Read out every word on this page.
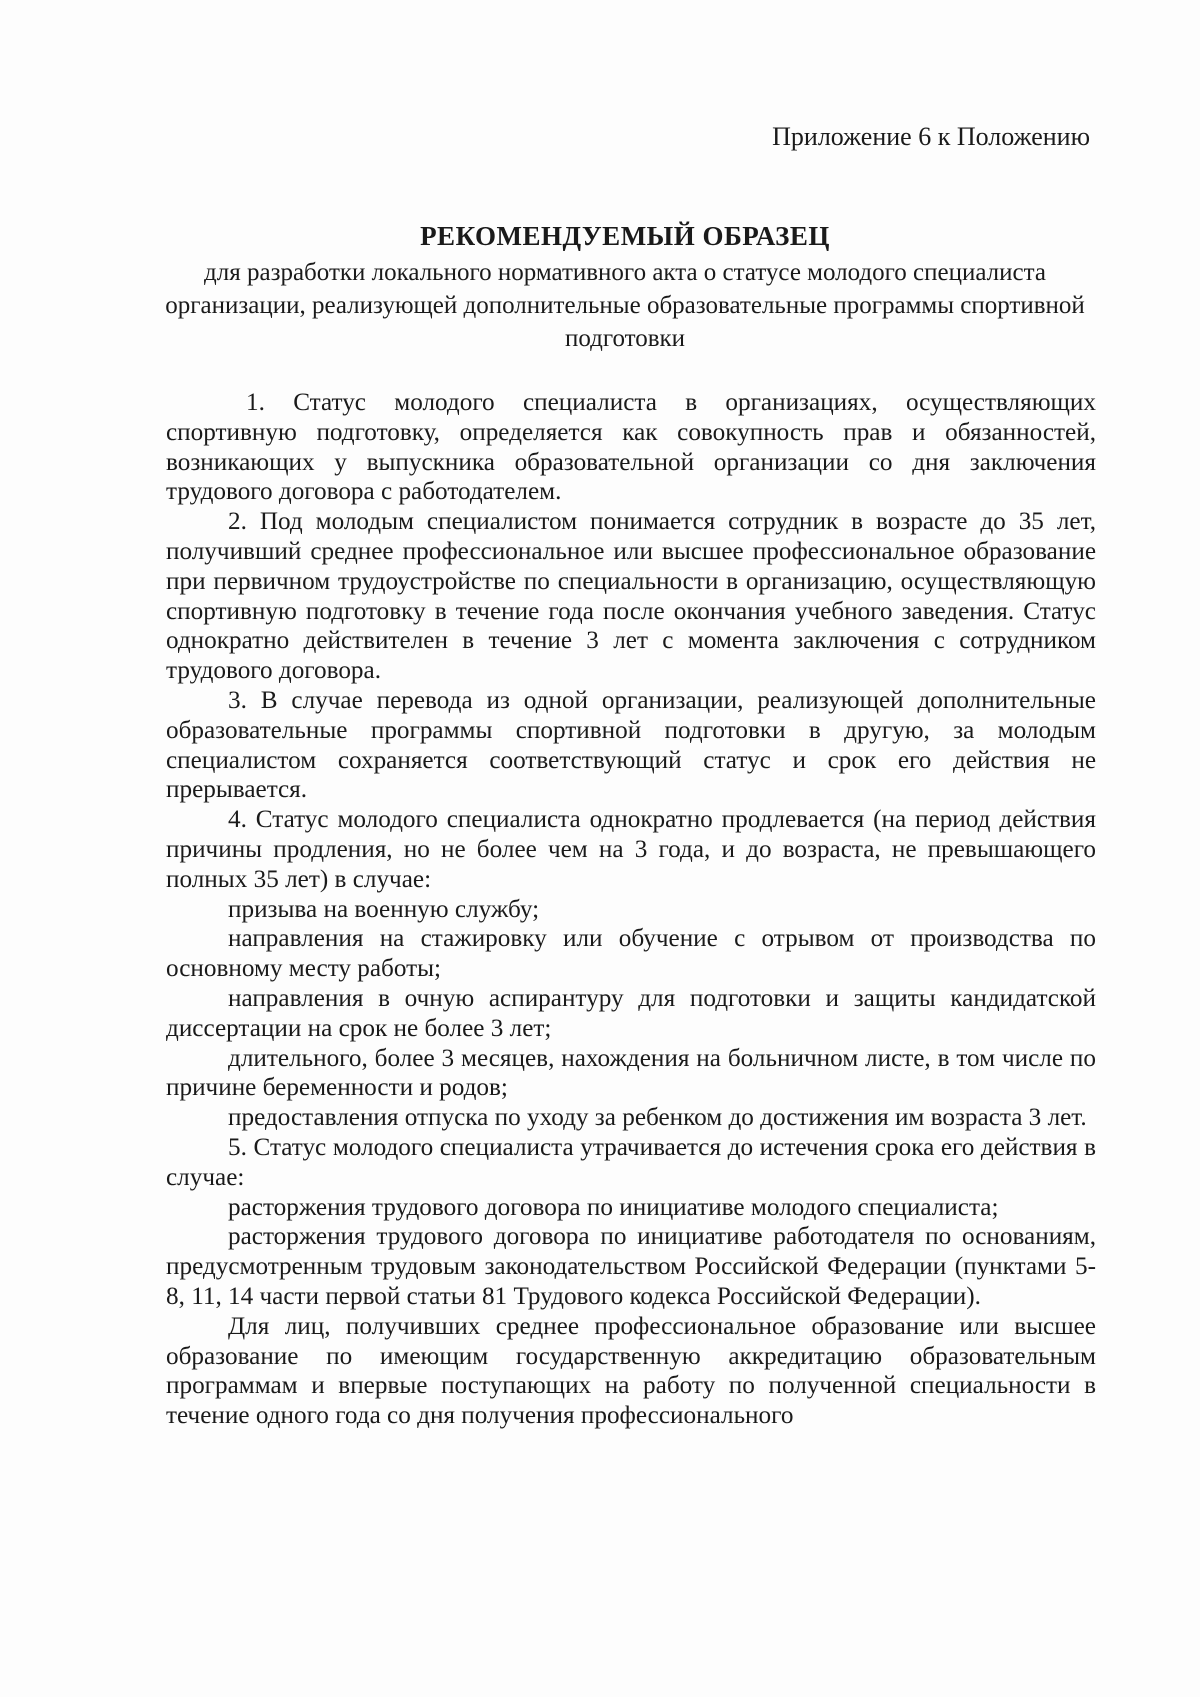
Приложение 6 к Положению
РЕКОМЕНДУЕМЫЙ ОБРАЗЕЦ
для разработки локального нормативного акта о статусе молодого специалиста организации, реализующей дополнительные образовательные программы спортивной подготовки

1. Статус молодого специалиста в организациях, осуществляющих спортивную подготовку, определяется как совокупность прав и обязанностей, возникающих у выпускника образовательной организации со дня заключения трудового договора с работодателем.

2. Под молодым специалистом понимается сотрудник в возрасте до 35 лет, получивший среднее профессиональное или высшее профессиональное образование при первичном трудоустройстве по специальности в организацию, осуществляющую спортивную подготовку в течение года после окончания учебного заведения. Статус однократно действителен в течение 3 лет с момента заключения с сотрудником трудового договора.

3. В случае перевода из одной организации, реализующей дополнительные образовательные программы спортивной подготовки в другую, за молодым специалистом сохраняется соответствующий статус и срок его действия не прерывается.

4. Статус молодого специалиста однократно продлевается (на период действия причины продления, но не более чем на 3 года, и до возраста, не превышающего полных 35 лет) в случае:

призыва на военную службу;

направления на стажировку или обучение с отрывом от производства по основному месту работы;

направления в очную аспирантуру для подготовки и защиты кандидатской диссертации на срок не более 3 лет;

длительного, более 3 месяцев, нахождения на больничном листе, в том числе по причине беременности и родов;

предоставления отпуска по уходу за ребенком до достижения им возраста 3 лет.

5. Статус молодого специалиста утрачивается до истечения срока его действия в случае:

расторжения трудового договора по инициативе молодого специалиста;

расторжения трудового договора по инициативе работодателя по основаниям, предусмотренным трудовым законодательством Российской Федерации (пунктами 5-8, 11, 14 части первой статьи 81 Трудового кодекса Российской Федерации).

Для лиц, получивших среднее профессиональное образование или высшее образование по имеющим государственную аккредитацию образовательным программам и впервые поступающих на работу по полученной специальности в течение одного года со дня получения профессионального
